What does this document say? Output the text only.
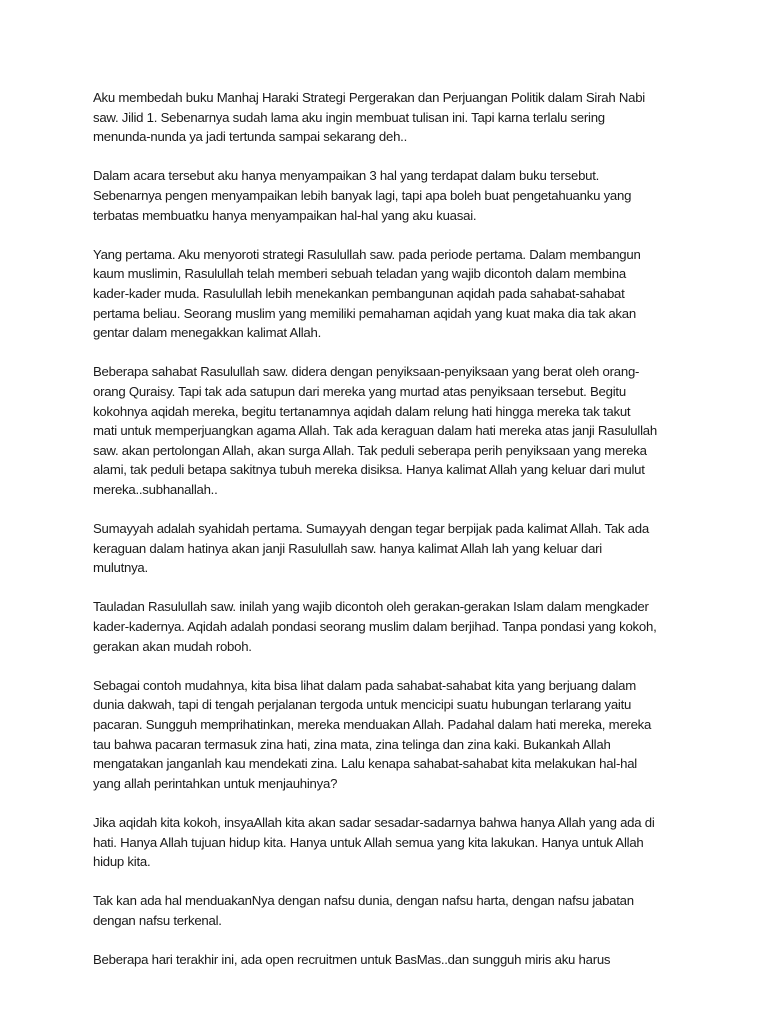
Aku membedah buku Manhaj Haraki Strategi Pergerakan dan Perjuangan Politik dalam Sirah Nabi
saw. Jilid 1. Sebenarnya sudah lama aku ingin membuat tulisan ini. Tapi karna terlalu sering
menunda-nunda ya jadi tertunda sampai sekarang deh..

Dalam acara tersebut aku hanya menyampaikan 3 hal yang terdapat dalam buku tersebut.
Sebenarnya pengen menyampaikan lebih banyak lagi, tapi apa boleh buat pengetahuanku yang
terbatas membuatku hanya menyampaikan hal-hal yang aku kuasai.

Yang pertama. Aku menyoroti strategi Rasulullah saw. pada periode pertama. Dalam membangun
kaum muslimin, Rasulullah telah memberi sebuah teladan yang wajib dicontoh dalam membina
kader-kader muda. Rasulullah lebih menekankan pembangunan aqidah pada sahabat-sahabat
pertama beliau. Seorang muslim yang memiliki pemahaman aqidah yang kuat maka dia tak akan
gentar dalam menegakkan kalimat Allah.

Beberapa sahabat Rasulullah saw. didera dengan penyiksaan-penyiksaan yang berat oleh orang-
orang Quraisy. Tapi tak ada satupun dari mereka yang murtad atas penyiksaan tersebut. Begitu
kokohnya aqidah mereka, begitu tertanamnya aqidah dalam relung hati hingga mereka tak takut
mati untuk memperjuangkan agama Allah. Tak ada keraguan dalam hati mereka atas janji Rasulullah
saw. akan pertolongan Allah, akan surga Allah. Tak peduli seberapa perih penyiksaan yang mereka
alami, tak peduli betapa sakitnya tubuh mereka disiksa. Hanya kalimat Allah yang keluar dari mulut
mereka..subhanallah..

Sumayyah adalah syahidah pertama. Sumayyah dengan tegar berpijak pada kalimat Allah. Tak ada
keraguan dalam hatinya akan janji Rasulullah saw. hanya kalimat Allah lah yang keluar dari
mulutnya.

Tauladan Rasulullah saw. inilah yang wajib dicontoh oleh gerakan-gerakan Islam dalam mengkader
kader-kadernya. Aqidah adalah pondasi seorang muslim dalam berjihad. Tanpa pondasi yang kokoh,
gerakan akan mudah roboh.

Sebagai contoh mudahnya, kita bisa lihat dalam pada sahabat-sahabat kita yang berjuang dalam
dunia dakwah, tapi di tengah perjalanan tergoda untuk mencicipi suatu hubungan terlarang yaitu
pacaran. Sungguh memprihatinkan, mereka menduakan Allah. Padahal dalam hati mereka, mereka
tau bahwa pacaran termasuk zina hati, zina mata, zina telinga dan zina kaki. Bukankah Allah
mengatakan janganlah kau mendekati zina. Lalu kenapa sahabat-sahabat kita melakukan hal-hal
yang allah perintahkan untuk menjauhinya?

Jika aqidah kita kokoh, insyaAllah kita akan sadar sesadar-sadarnya bahwa hanya Allah yang ada di
hati. Hanya Allah tujuan hidup kita. Hanya untuk Allah semua yang kita lakukan. Hanya untuk Allah
hidup kita.

Tak kan ada hal menduakanNya dengan nafsu dunia, dengan nafsu harta, dengan nafsu jabatan
dengan nafsu terkenal.

Beberapa hari terakhir ini, ada open recruitmen untuk BasMas..dan sungguh miris aku harus
